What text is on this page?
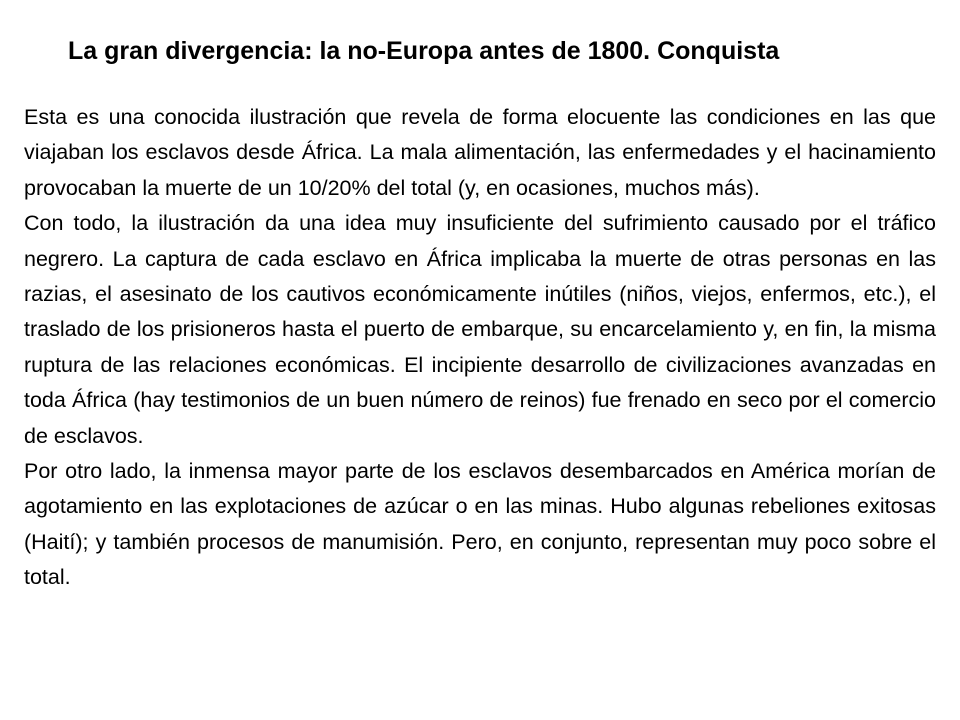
La gran divergencia: la no-Europa antes de 1800. Conquista

Esta es una conocida ilustración que revela de forma elocuente las condiciones en las que viajaban los esclavos desde África. La mala alimentación, las enfermedades y el hacinamiento provocaban la muerte de un 10/20% del total (y, en ocasiones, muchos más).

Con todo, la ilustración da una idea muy insuficiente del sufrimiento causado por el tráfico negrero. La captura de cada esclavo en África implicaba la muerte de otras personas en las razias, el asesinato de los cautivos económicamente inútiles (niños, viejos, enfermos, etc.), el traslado de los prisioneros hasta el puerto de embarque, su encarcelamiento y, en fin, la misma ruptura de las relaciones económicas. El incipiente desarrollo de civilizaciones avanzadas en toda África (hay testimonios de un buen número de reinos) fue frenado en seco por el comercio de esclavos.

Por otro lado, la inmensa mayor parte de los esclavos desembarcados en América morían de agotamiento en las explotaciones de azúcar o en las minas. Hubo algunas rebeliones exitosas (Haití); y también procesos de manumisión. Pero, en conjunto, representan muy poco sobre el total.
